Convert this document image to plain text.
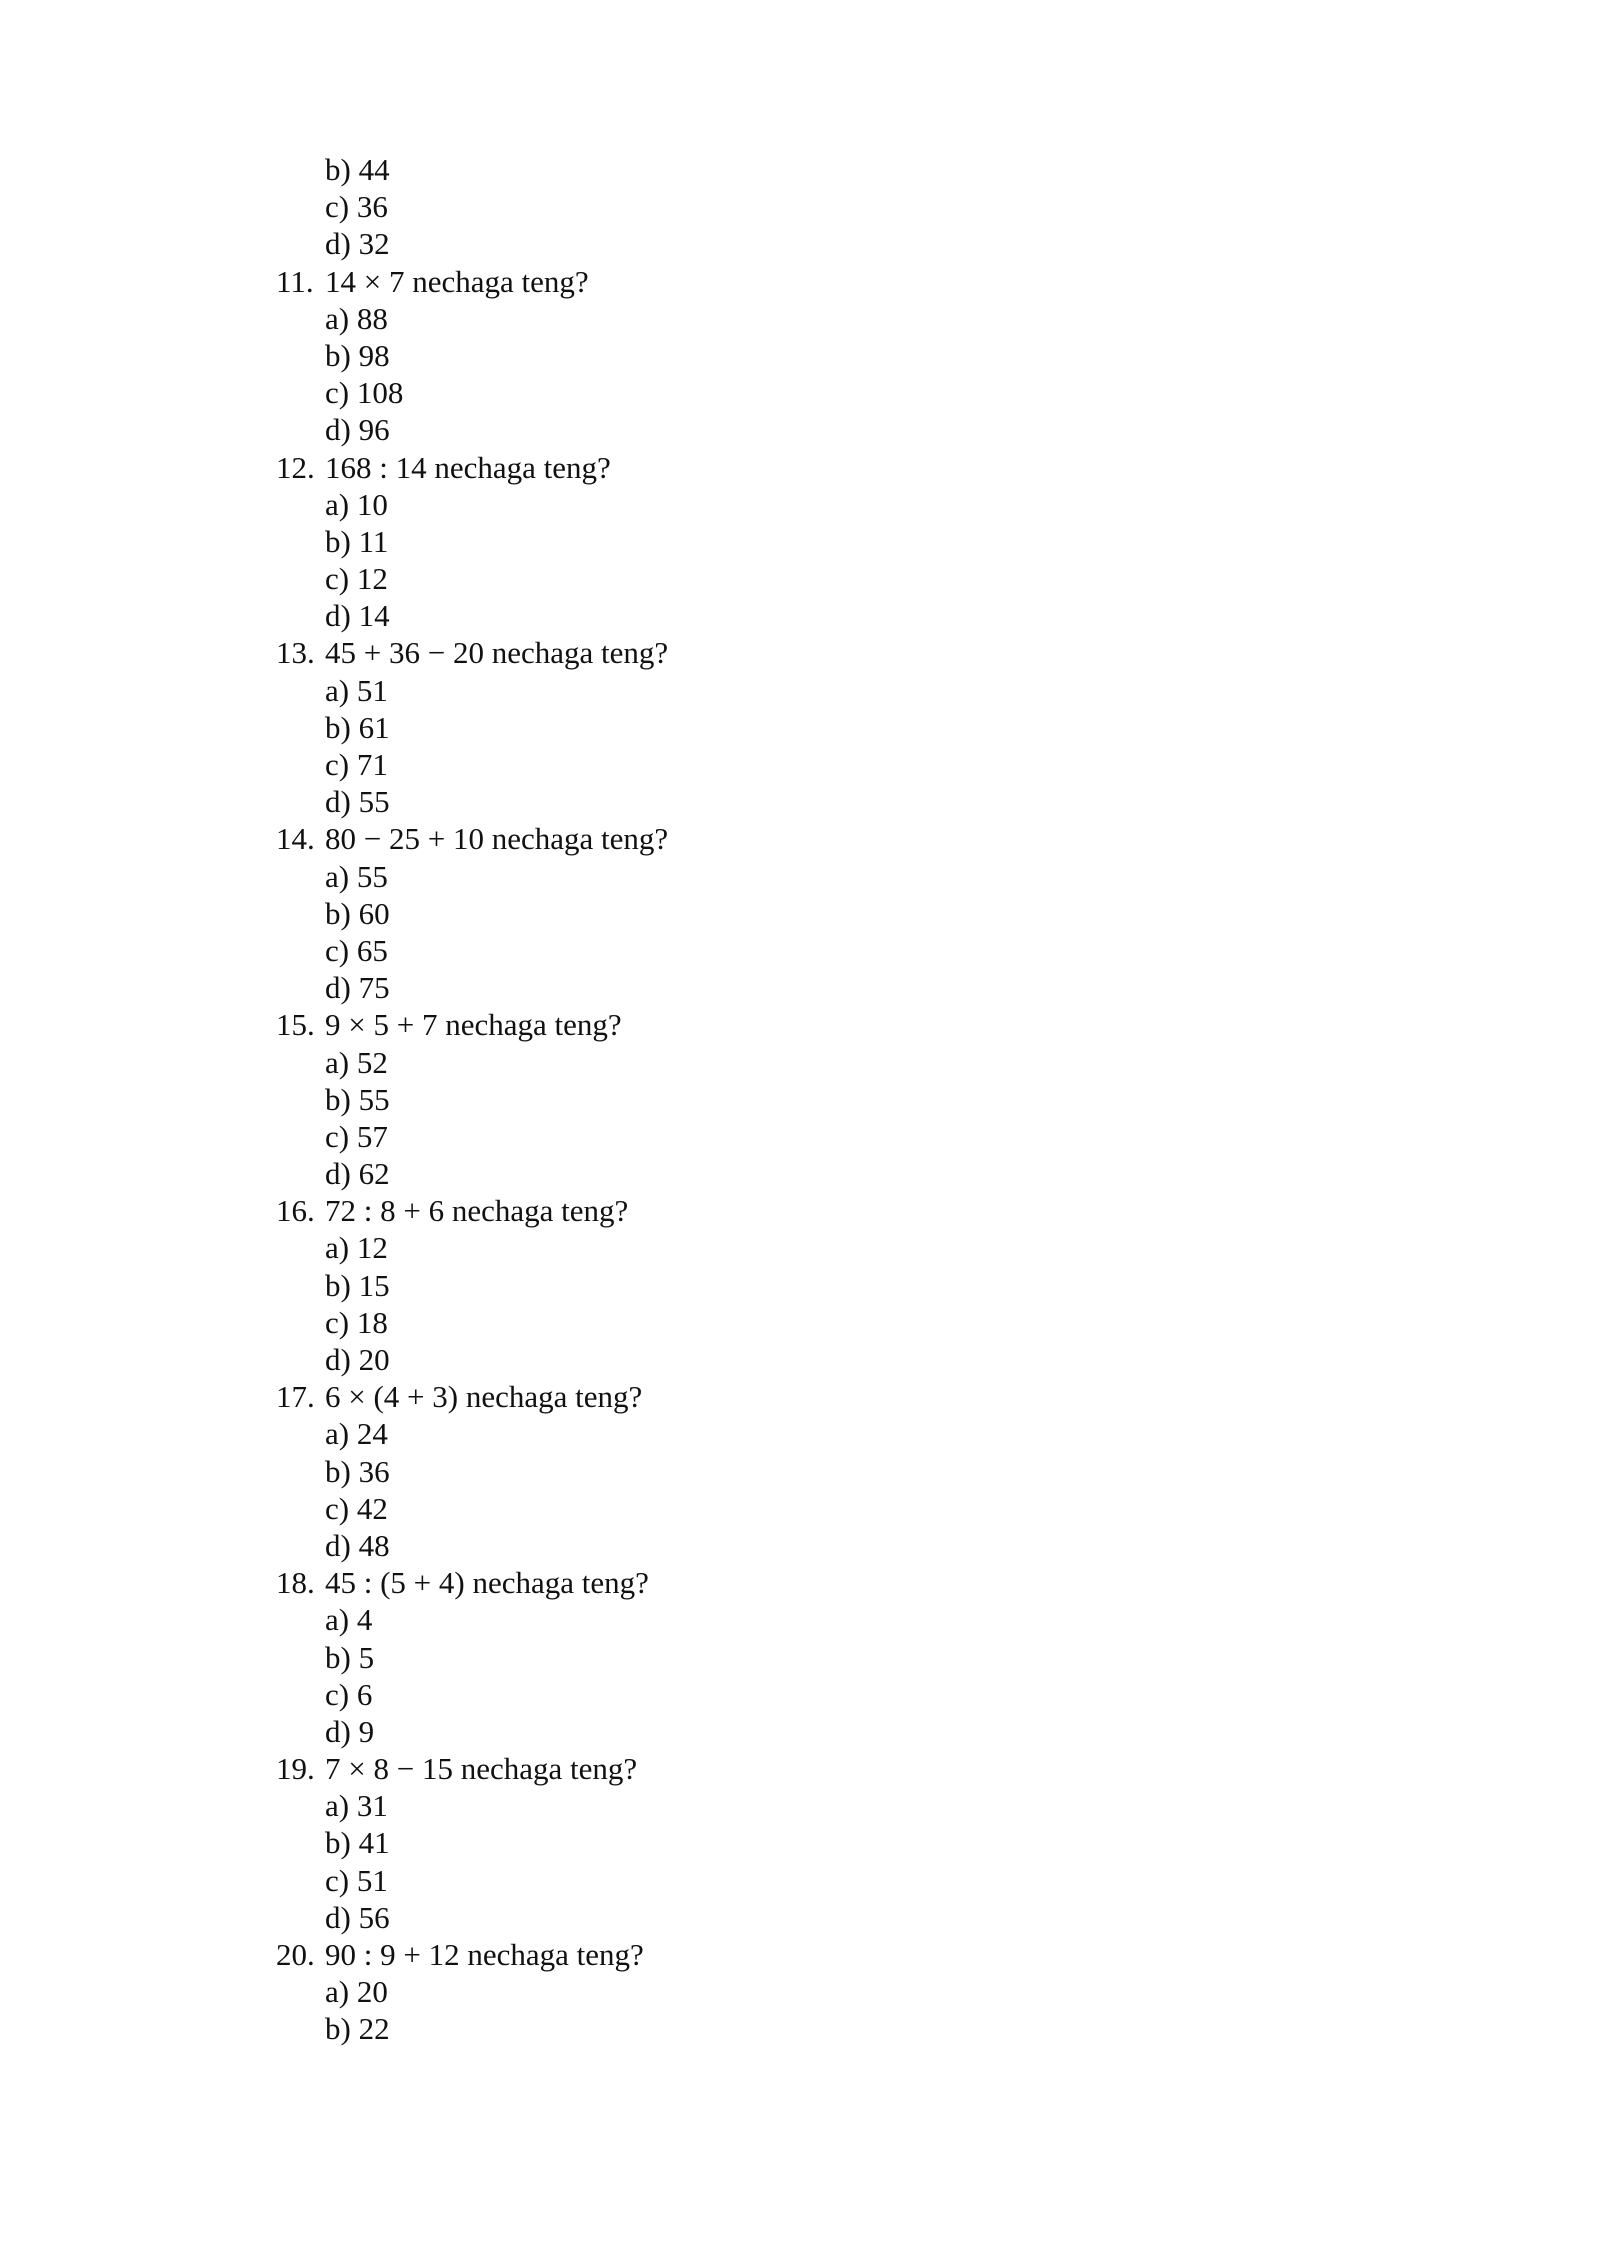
b) 44
c) 36
d) 32
11. 14 × 7 nechaga teng?
a) 88
b) 98
c) 108
d) 96
12. 168 : 14 nechaga teng?
a) 10
b) 11
c) 12
d) 14
13. 45 + 36 − 20 nechaga teng?
a) 51
b) 61
c) 71
d) 55
14. 80 − 25 + 10 nechaga teng?
a) 55
b) 60
c) 65
d) 75
15. 9 × 5 + 7 nechaga teng?
a) 52
b) 55
c) 57
d) 62
16. 72 : 8 + 6 nechaga teng?
a) 12
b) 15
c) 18
d) 20
17. 6 × (4 + 3) nechaga teng?
a) 24
b) 36
c) 42
d) 48
18. 45 : (5 + 4) nechaga teng?
a) 4
b) 5
c) 6
d) 9
19. 7 × 8 − 15 nechaga teng?
a) 31
b) 41
c) 51
d) 56
20. 90 : 9 + 12 nechaga teng?
a) 20
b) 22
